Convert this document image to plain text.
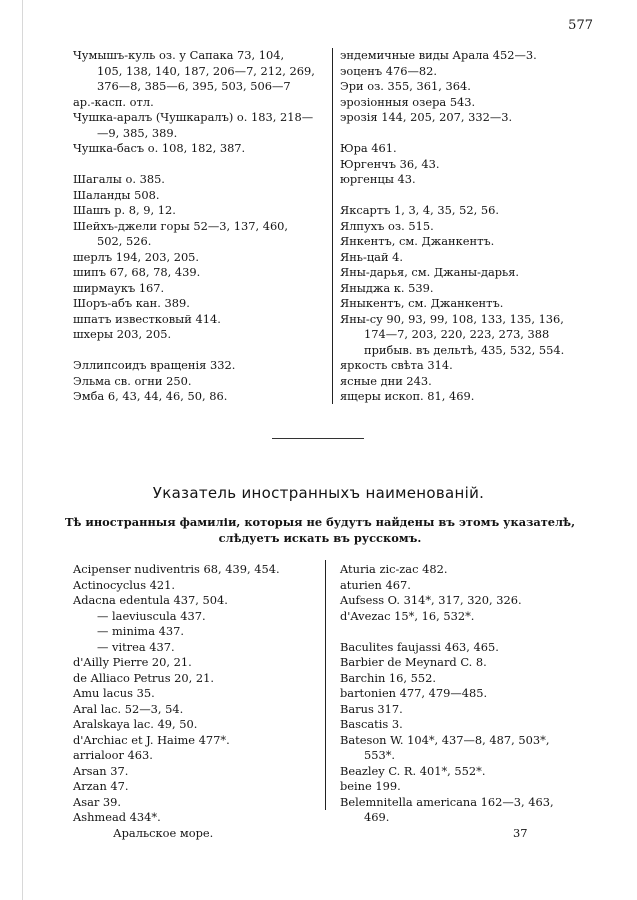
577
Чумышъ-куль оз. у Сапака 73, 104,
105, 138, 140, 187, 206—7, 212, 269,
376—8, 385—6, 395, 503, 506—7
ар.-касп. отл.
Чушка-аралъ (Чушкаралъ) о. 183, 218—
—9, 385, 389.
Чушка-басъ о. 108, 182, 387.
Шагалы о. 385.
Шаланды 508.
Шашъ р. 8, 9, 12.
Шейхъ-джели горы 52—3, 137, 460,
502, 526.
шерлъ 194, 203, 205.
шипъ 67, 68, 78, 439.
ширмаукъ 167.
Шоръ-абъ кан. 389.
шпатъ известковый 414.
шхеры 203, 205.
Эллипсоидъ вращенія 332.
Эльма св. огни 250.
Эмба 6, 43, 44, 46, 50, 86.
эндемичные виды Арала 452—3.
эоценъ 476—82.
Эри оз. 355, 361, 364.
эрозіонныя озера 543.
эрозія 144, 205, 207, 332—3.
Юра 461.
Юргенчъ 36, 43.
юргенцы 43.
Яксартъ 1, 3, 4, 35, 52, 56.
Ялпухъ оз. 515.
Янкентъ, см. Джанкентъ.
Янь-цай 4.
Яны-дарья, см. Джаны-дарья.
Яныджа к. 539.
Яныкентъ, см. Джанкентъ.
Яны-су 90, 93, 99, 108, 133, 135, 136,
174—7, 203, 220, 223, 273, 388
прибыв. въ дельтѣ, 435, 532, 554.
яркость свѣта 314.
ясные дни 243.
ящеры ископ. 81, 469.
Указатель иностранныхъ наименованій.
Тѣ иностранныя фамиліи, которыя не будутъ найдены въ этомъ указателѣ,
слѣдуетъ искать въ русскомъ.
Acipenser nudiventris 68, 439, 454.
Actinocyclus 421.
Adacna edentula 437, 504.
— laeviuscula 437.
— minima 437.
— vitrea 437.
d'Ailly Pierre 20, 21.
de Alliaco Petrus 20, 21.
Amu lacus 35.
Aral lac. 52—3, 54.
Aralskaya lac. 49, 50.
d'Archiac et J. Haime 477*.
arrialoor 463.
Arsan 37.
Arzan 47.
Asar 39.
Ashmead 434*.
Aturia zic-zac 482.
aturien 467.
Aufsess O. 314*, 317, 320, 326.
d'Avezac 15*, 16, 532*.
Baculites faujassi 463, 465.
Barbier de Meynard C. 8.
Barchin 16, 552.
bartonien 477, 479—485.
Barus 317.
Bascatis 3.
Bateson W. 104*, 437—8, 487, 503*,
553*.
Beazley C. R. 401*, 552*.
beine 199.
Belemnitella americana 162—3, 463,
469.
Аральское море.	37
